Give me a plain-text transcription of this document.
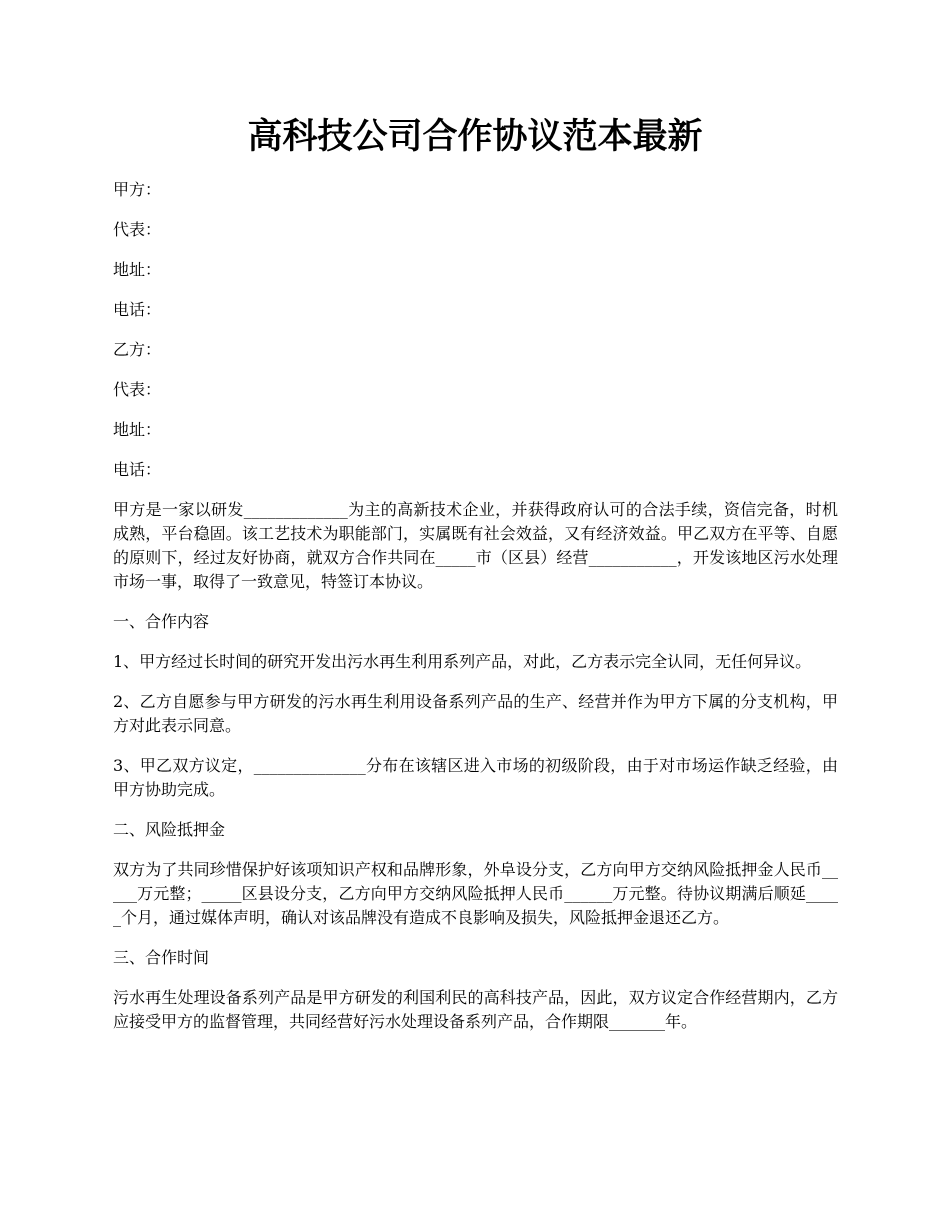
高科技公司合作协议范本最新

甲方：

代表：

地址：

电话：

乙方：

代表：

地址：

电话：

甲方是一家以研发_____________为主的高新技术企业，并获得政府认可的合法手续，资信完备，时机成熟，平台稳固。该工艺技术为职能部门，实属既有社会效益，又有经济效益。甲乙双方在平等、自愿的原则下，经过友好协商，就双方合作共同在_____市（区县）经营___________，开发该地区污水处理市场一事，取得了一致意见，特签订本协议。

一、合作内容

1、甲方经过长时间的研究开发出污水再生利用系列产品，对此，乙方表示完全认同，无任何异议。

2、乙方自愿参与甲方研发的污水再生利用设备系列产品的生产、经营并作为甲方下属的分支机构，甲方对此表示同意。

3、甲乙双方议定，______________分布在该辖区进入市场的初级阶段，由于对市场运作缺乏经验，由甲方协助完成。

二、风险抵押金

双方为了共同珍惜保护好该项知识产权和品牌形象，外阜设分支，乙方向甲方交纳风险抵押金人民币_____万元整；_____区县设分支，乙方向甲方交纳风险抵押人民币______万元整。待协议期满后顺延_____个月，通过媒体声明，确认对该品牌没有造成不良影响及损失，风险抵押金退还乙方。

三、合作时间

污水再生处理设备系列产品是甲方研发的利国利民的高科技产品，因此，双方议定合作经营期内，乙方应接受甲方的监督管理，共同经营好污水处理设备系列产品，合作期限_______年。
